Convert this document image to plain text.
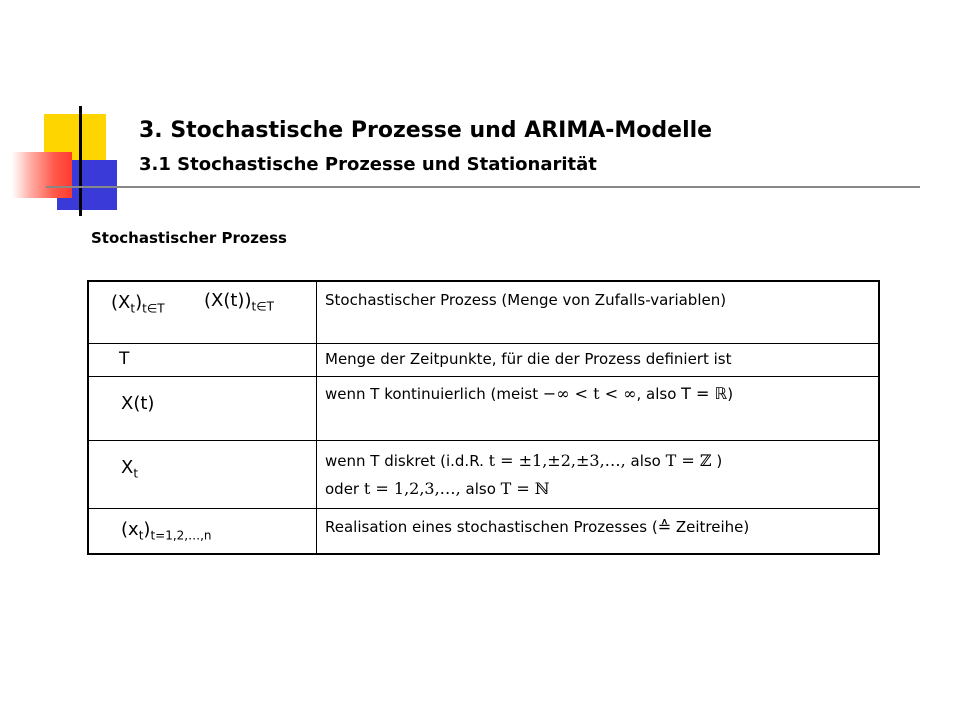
3. Stochastische Prozesse und ARIMA-Modelle
3.1 Stochastische Prozesse und Stationarität
Stochastischer Prozess
$(X_t)_{t\in T}$ $(X(t))_{t\in T}$	Stochastischer Prozess (Menge von Zufalls-variablen)

T	Menge der Zeitpunkte, für die der Prozess definiert ist

X(t)	wenn T kontinuierlich (meist −∞ < t < ∞, also T = ℝ)

$X_t$	wenn T diskret (i.d.R. t = ±1,±2,±3,…, also T = ℤ )
oder t = 1,2,3,…, also T = ℕ

$(x_t)_{t=1,2,\dots,n}$	Realisation eines stochastischen Prozesses (≙ Zeitreihe)
